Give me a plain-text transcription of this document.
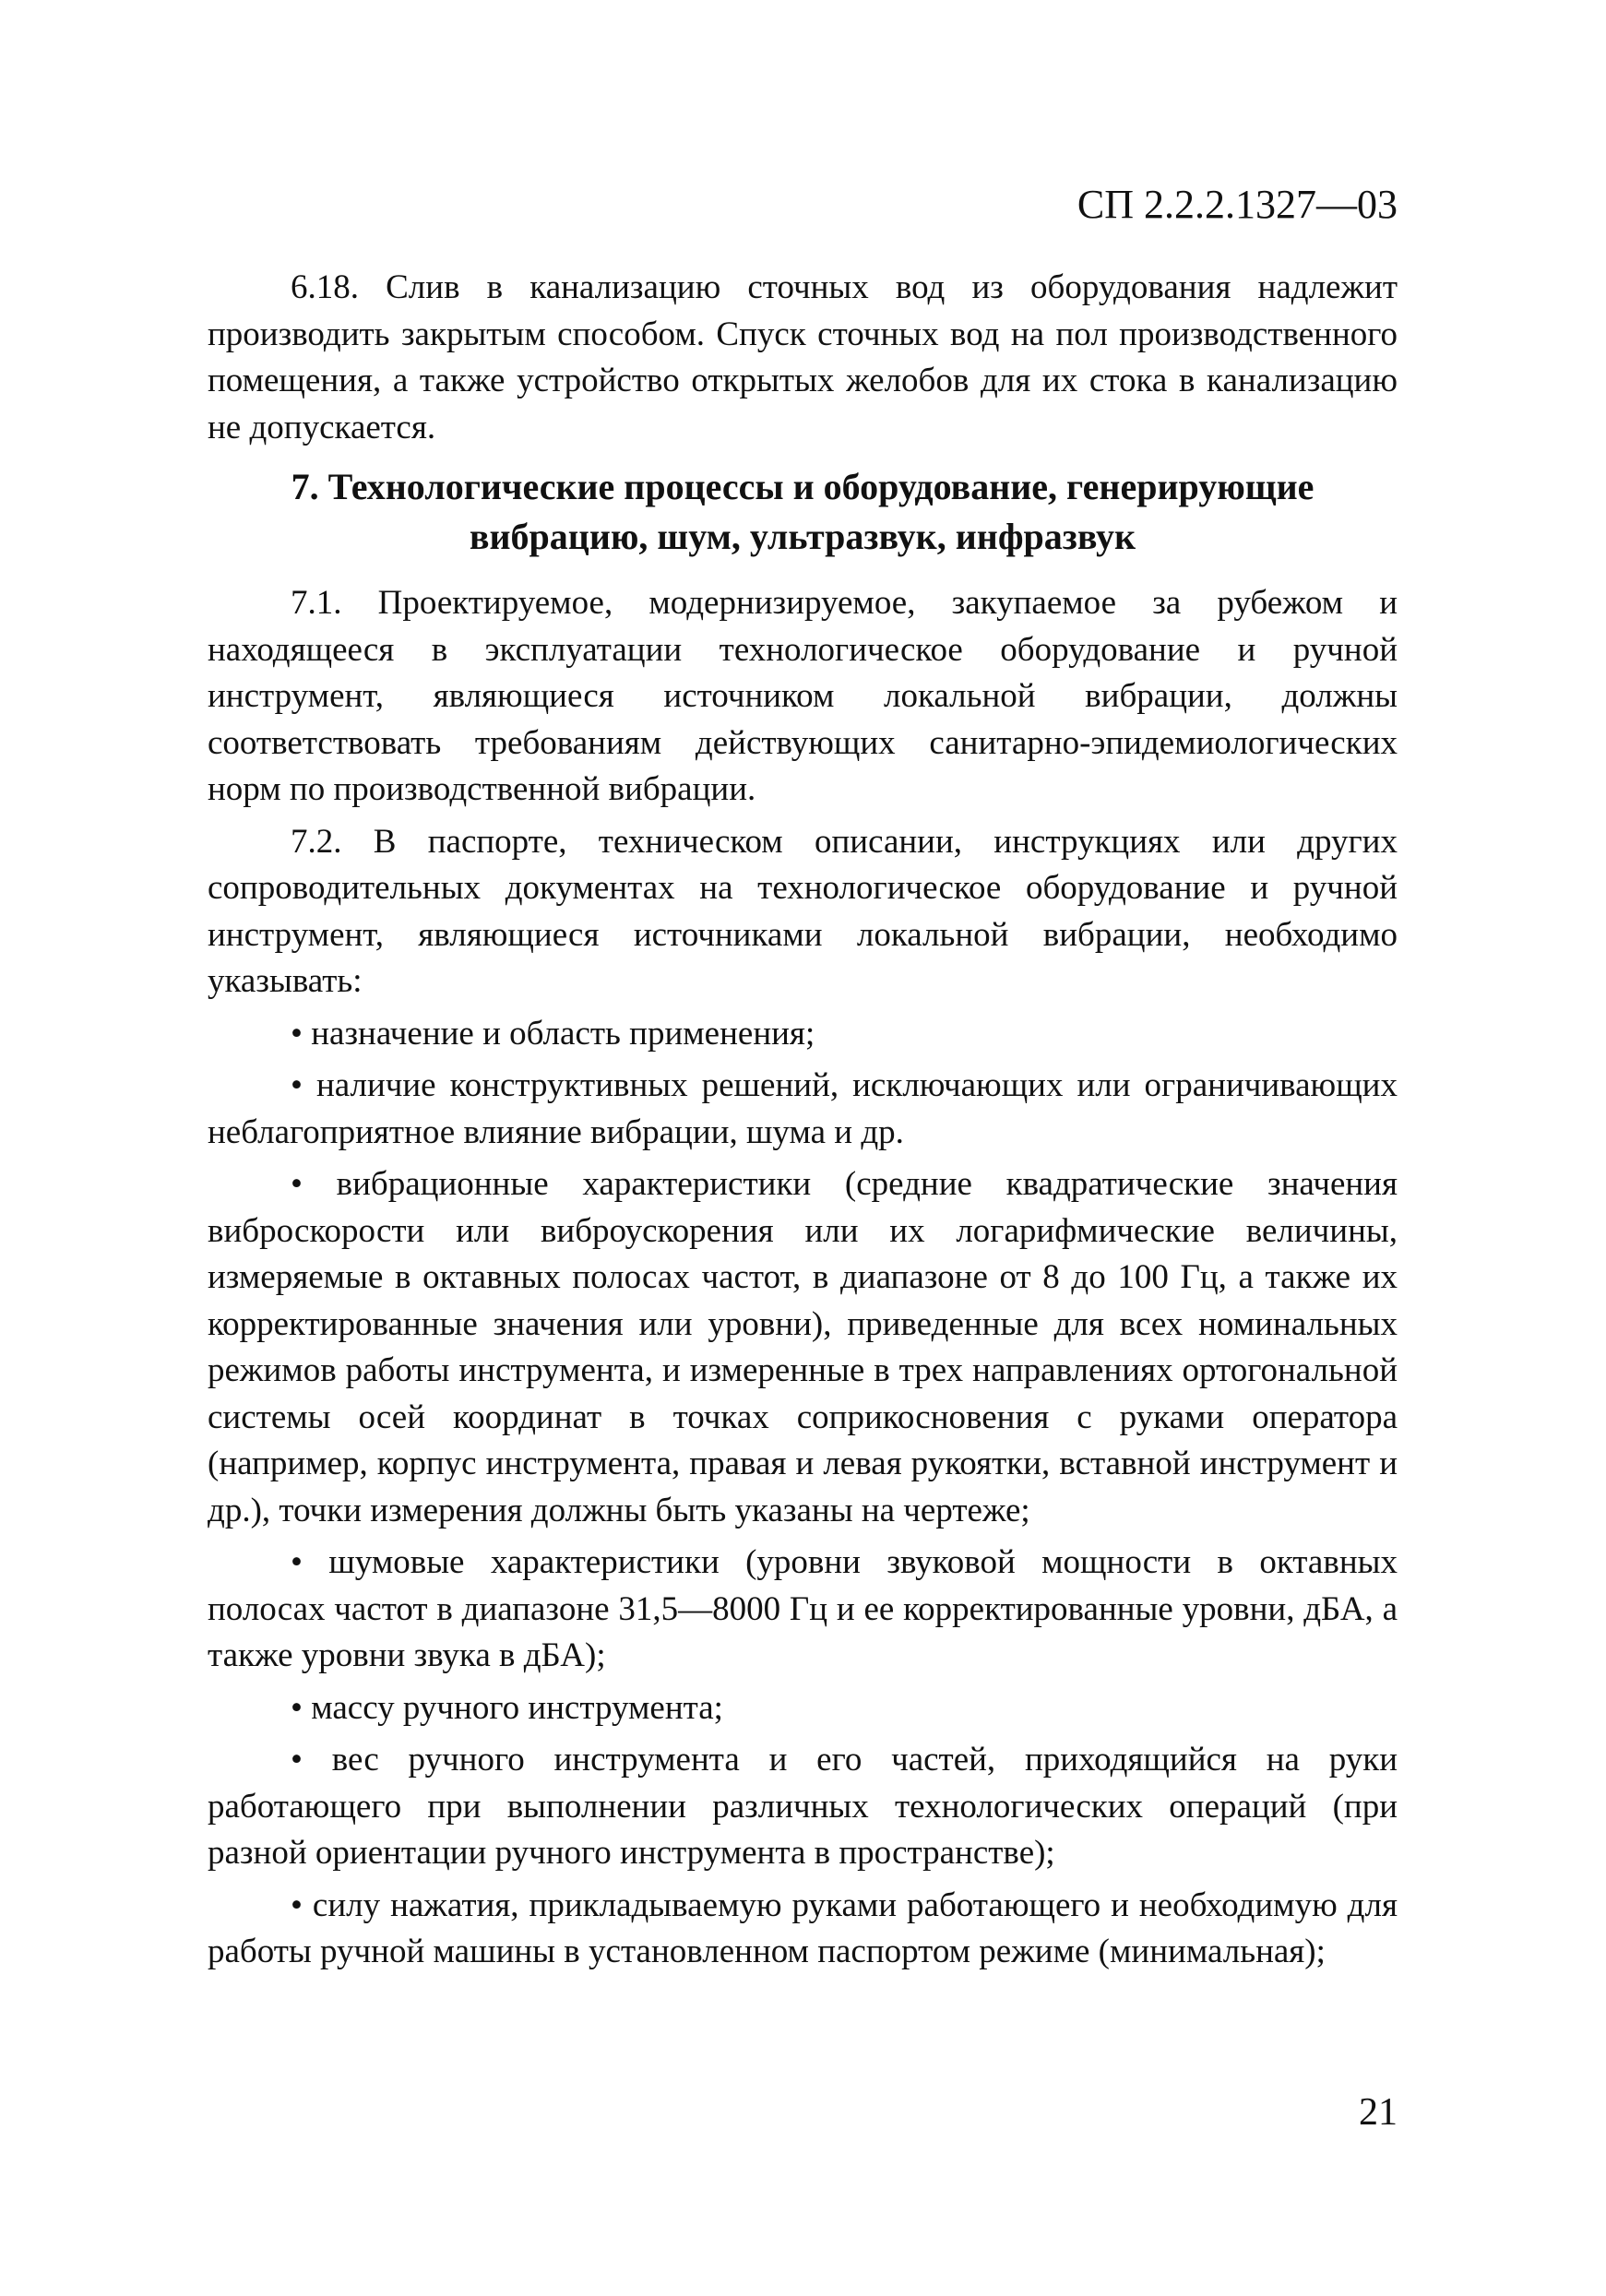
СП 2.2.2.1327—03

6.18. Слив в канализацию сточных вод из оборудования надлежит производить закрытым способом. Спуск сточных вод на пол производственного помещения, а также устройство открытых желобов для их стока в канализацию не допускается.

7. Технологические процессы и оборудование, генерирующие вибрацию, шум, ультразвук, инфразвук

7.1. Проектируемое, модернизируемое, закупаемое за рубежом и находящееся в эксплуатации технологическое оборудование и ручной инструмент, являющиеся источником локальной вибрации, должны соответствовать требованиям действующих санитарно-эпидемиологических норм по производственной вибрации.

7.2. В паспорте, техническом описании, инструкциях или других сопроводительных документах на технологическое оборудование и ручной инструмент, являющиеся источниками локальной вибрации, необходимо указывать:

• назначение и область применения;
• наличие конструктивных решений, исключающих или ограничивающих неблагоприятное влияние вибрации, шума и др.
• вибрационные характеристики (средние квадратические значения виброскорости или виброускорения или их логарифмические величины, измеряемые в октавных полосах частот, в диапазоне от 8 до 100 Гц, а также их корректированные значения или уровни), приведенные для всех номинальных режимов работы инструмента, и измеренные в трех направлениях ортогональной системы осей координат в точках соприкосновения с руками оператора (например, корпус инструмента, правая и левая рукоятки, вставной инструмент и др.), точки измерения должны быть указаны на чертеже;
• шумовые характеристики (уровни звуковой мощности в октавных полосах частот в диапазоне 31,5—8000 Гц и ее корректированные уровни, дБА, а также уровни звука в дБА);
• массу ручного инструмента;
• вес ручного инструмента и его частей, приходящийся на руки работающего при выполнении различных технологических операций (при разной ориентации ручного инструмента в пространстве);
• силу нажатия, прикладываемую руками работающего и необходимую для работы ручной машины в установленном паспортом режиме (минимальная);

21
